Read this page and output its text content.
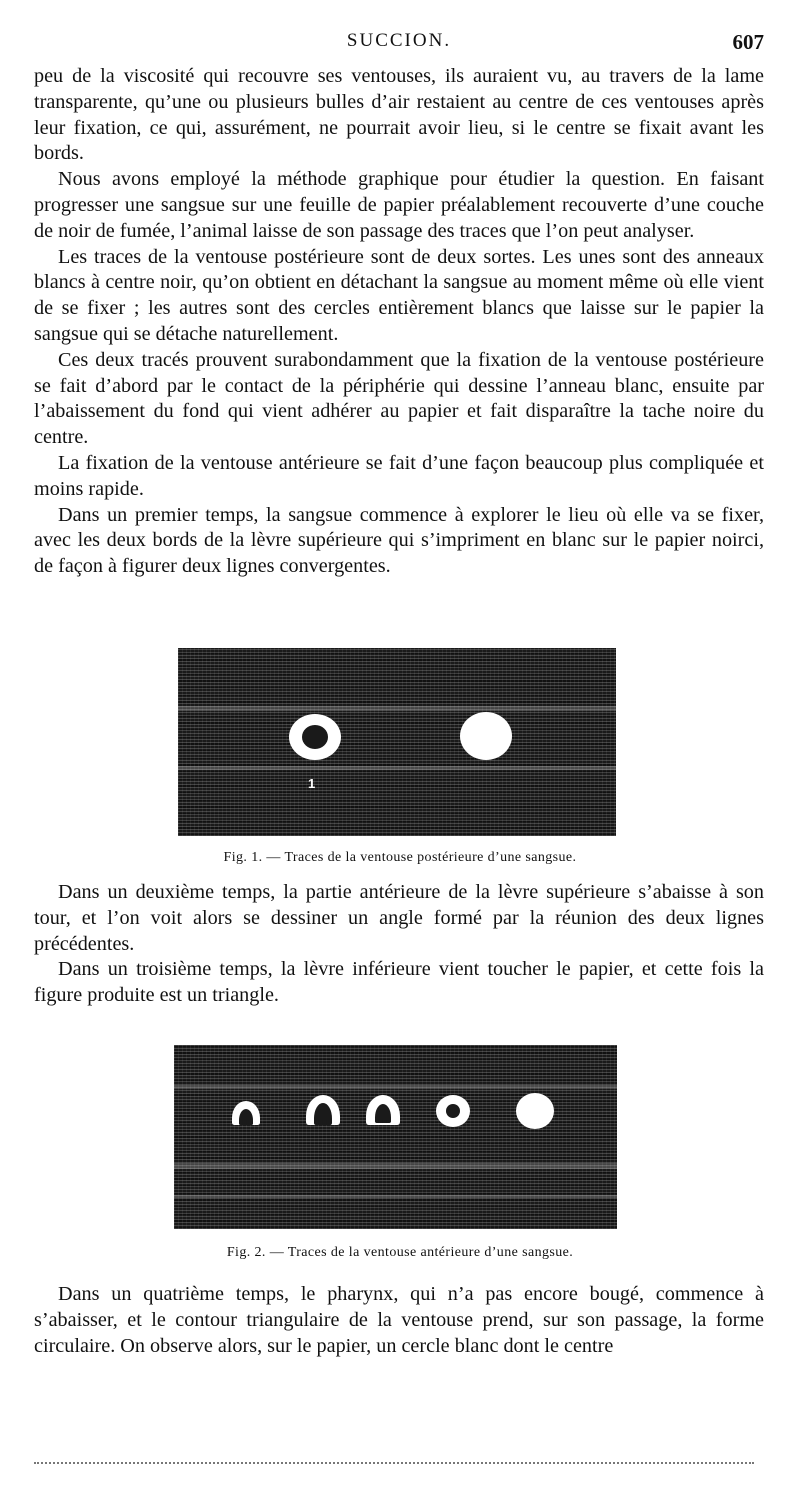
SUCCION.	607

peu de la viscosité qui recouvre ses ventouses, ils auraient vu, au travers de la lame transparente, qu’une ou plusieurs bulles d’air restaient au centre de ces ventouses après leur fixation, ce qui, assurément, ne pourrait avoir lieu, si le centre se fixait avant les bords.

Nous avons employé la méthode graphique pour étudier la question. En faisant progresser une sangsue sur une feuille de papier préalablement recouverte d’une couche de noir de fumée, l’animal laisse de son passage des traces que l’on peut analyser.

Les traces de la ventouse postérieure sont de deux sortes. Les unes sont des anneaux blancs à centre noir, qu’on obtient en détachant la sangsue au moment même où elle vient de se fixer ; les autres sont des cercles entièrement blancs que laisse sur le papier la sangsue qui se détache naturellement.

Ces deux tracés prouvent surabondamment que la fixation de la ventouse postérieure se fait d’abord par le contact de la périphérie qui dessine l’anneau blanc, ensuite par l’abaissement du fond qui vient adhérer au papier et fait disparaître la tache noire du centre.

La fixation de la ventouse antérieure se fait d’une façon beaucoup plus compliquée et moins rapide.

Dans un premier temps, la sangsue commence à explorer le lieu où elle va se fixer, avec les deux bords de la lèvre supérieure qui s’impriment en blanc sur le papier noirci, de façon à figurer deux lignes convergentes.

1
Fig. 1. — Traces de la ventouse postérieure d’une sangsue.

Dans un deuxième temps, la partie antérieure de la lèvre supérieure s’abaisse à son tour, et l’on voit alors se dessiner un angle formé par la réunion des deux lignes précédentes.

Dans un troisième temps, la lèvre inférieure vient toucher le papier, et cette fois la figure produite est un triangle.

Fig. 2. — Traces de la ventouse antérieure d’une sangsue.

Dans un quatrième temps, le pharynx, qui n’a pas encore bougé, commence à s’abaisser, et le contour triangulaire de la ventouse prend, sur son passage, la forme circulaire. On observe alors, sur le papier, un cercle blanc dont le centre
